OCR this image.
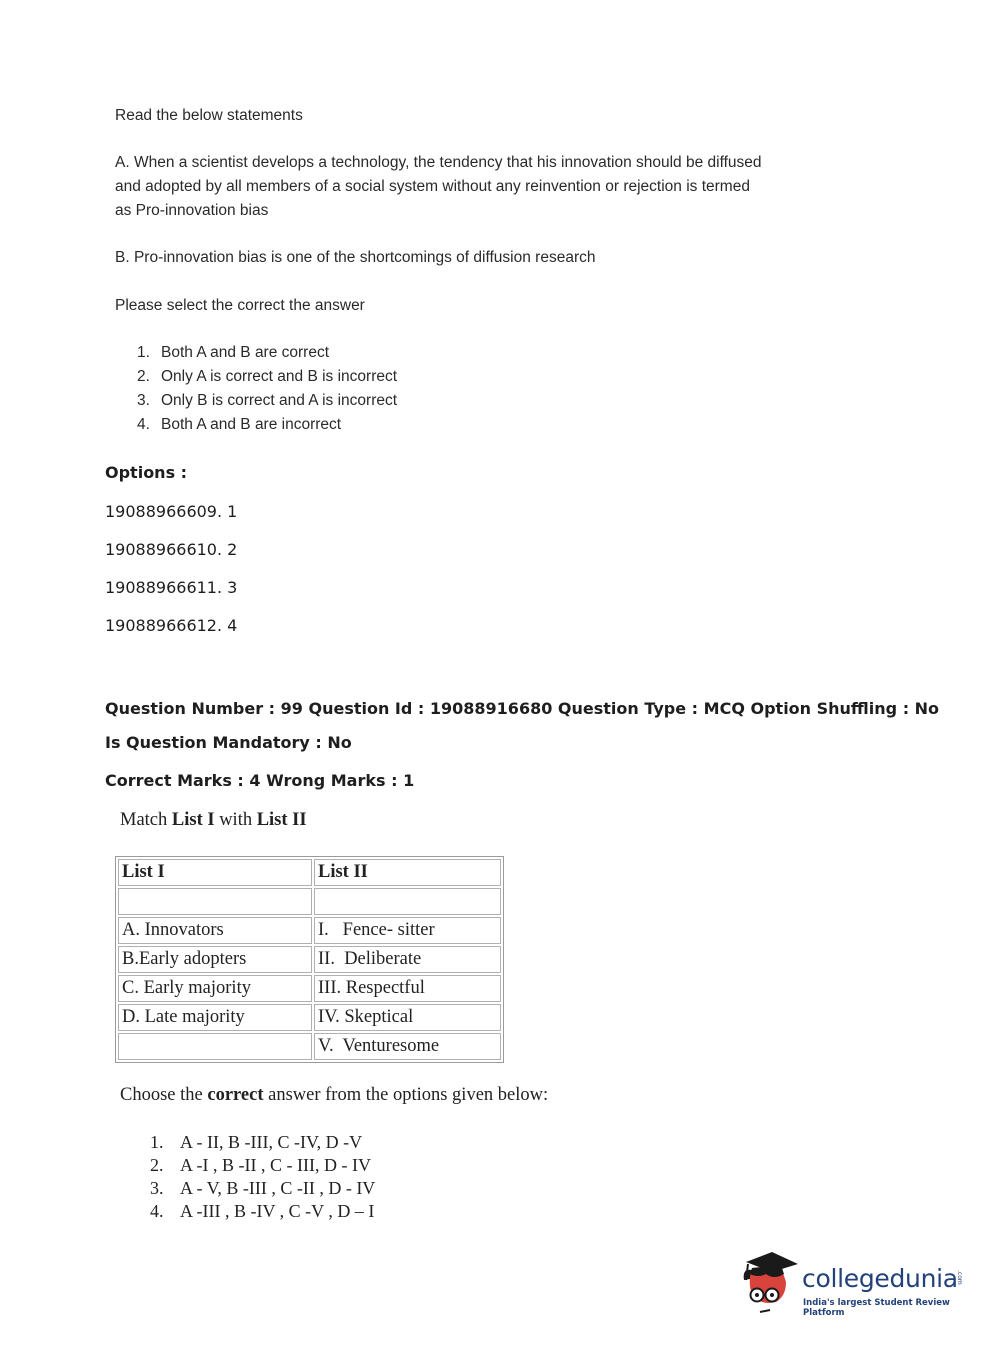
Read the below statements
A. When a scientist develops a technology, the tendency that his innovation should be diffused
and adopted by all members of a social system without any reinvention or rejection is termed
as Pro-innovation bias
B. Pro-innovation bias is one of the shortcomings of diffusion research
Please select the correct the answer
1. Both A and B are correct
2. Only A is correct and B is incorrect
3. Only B is correct and A is incorrect
4. Both A and B are incorrect
Options :
19088966609. 1
19088966610. 2
19088966611. 3
19088966612. 4
Question Number : 99 Question Id : 19088916680 Question Type : MCQ Option Shuffling : No
Is Question Mandatory : No
Correct Marks : 4 Wrong Marks : 1
Match List I with List II
List I	List II

A. Innovators	I.   Fence- sitter
B.Early adopters	II.  Deliberate
C. Early majority	III. Respectful
D. Late majority	IV. Skeptical
	V.  Venturesome
Choose the correct answer from the options given below:
1. A - II, B -III, C -IV, D -V
2. A -I , B -II , C - III, D - IV
3. A - V, B -III , C -II , D - IV
4. A -III , B -IV , C -V , D – I
collegedunia
.com
India's largest Student Review Platform
